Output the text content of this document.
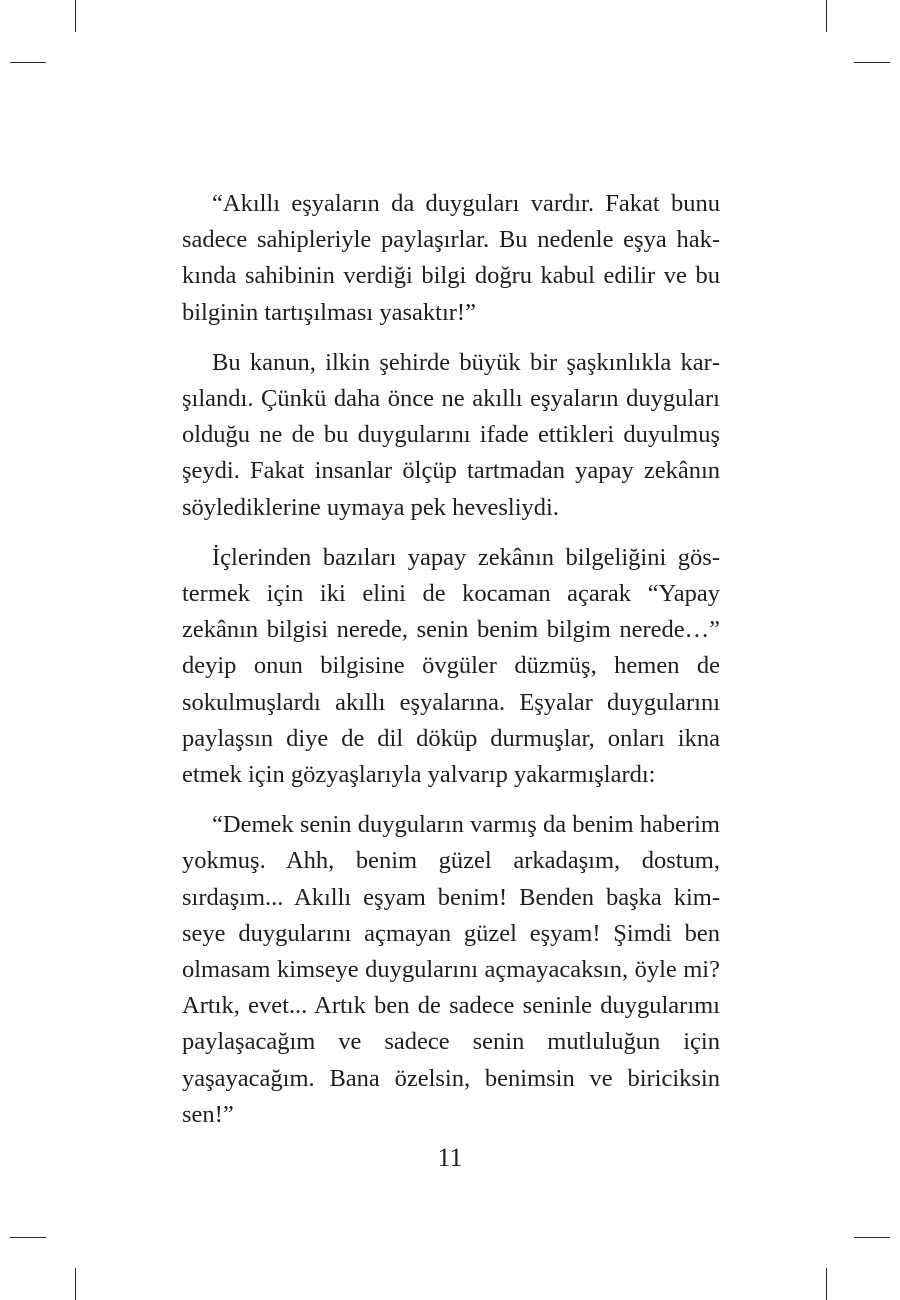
“Akıllı eşyaların da duyguları vardır. Fakat bunu sadece sahipleriyle paylaşırlar. Bu nedenle eşya hakkında sahibinin verdiği bilgi doğru kabul edilir ve bu bilginin tartışılması yasaktır!”

Bu kanun, ilkin şehirde büyük bir şaşkınlıkla karşılandı. Çünkü daha önce ne akıllı eşyaların duyguları olduğu ne de bu duygularını ifade ettikleri duyulmuş şeydi. Fakat insanlar ölçüp tartmadan yapay zekânın söylediklerine uymaya pek hevesliydi.

İçlerinden bazıları yapay zekânın bilgeliğini göstermek için iki elini de kocaman açarak “Yapay zekânın bilgisi nerede, senin benim bilgim nerede…” deyip onun bilgisine övgüler düzmüş, hemen de sokulmuşlardı akıllı eşyalarına. Eşyalar duygularını paylaşsın diye de dil döküp durmuşlar, onları ikna etmek için gözyaşlarıyla yalvarıp yakarmışlardı:

“Demek senin duyguların varmış da benim haberim yokmuş. Ahh, benim güzel arkadaşım, dostum, sırdaşım... Akıllı eşyam benim! Benden başka kimseye duygularını açmayan güzel eşyam! Şimdi ben olmasam kimseye duygularını açmayacaksın, öyle mi? Artık, evet... Artık ben de sadece seninle duygularımı paylaşacağım ve sadece senin mutluluğun için yaşayacağım. Bana özelsin, benimsin ve biriciksin sen!”

11
